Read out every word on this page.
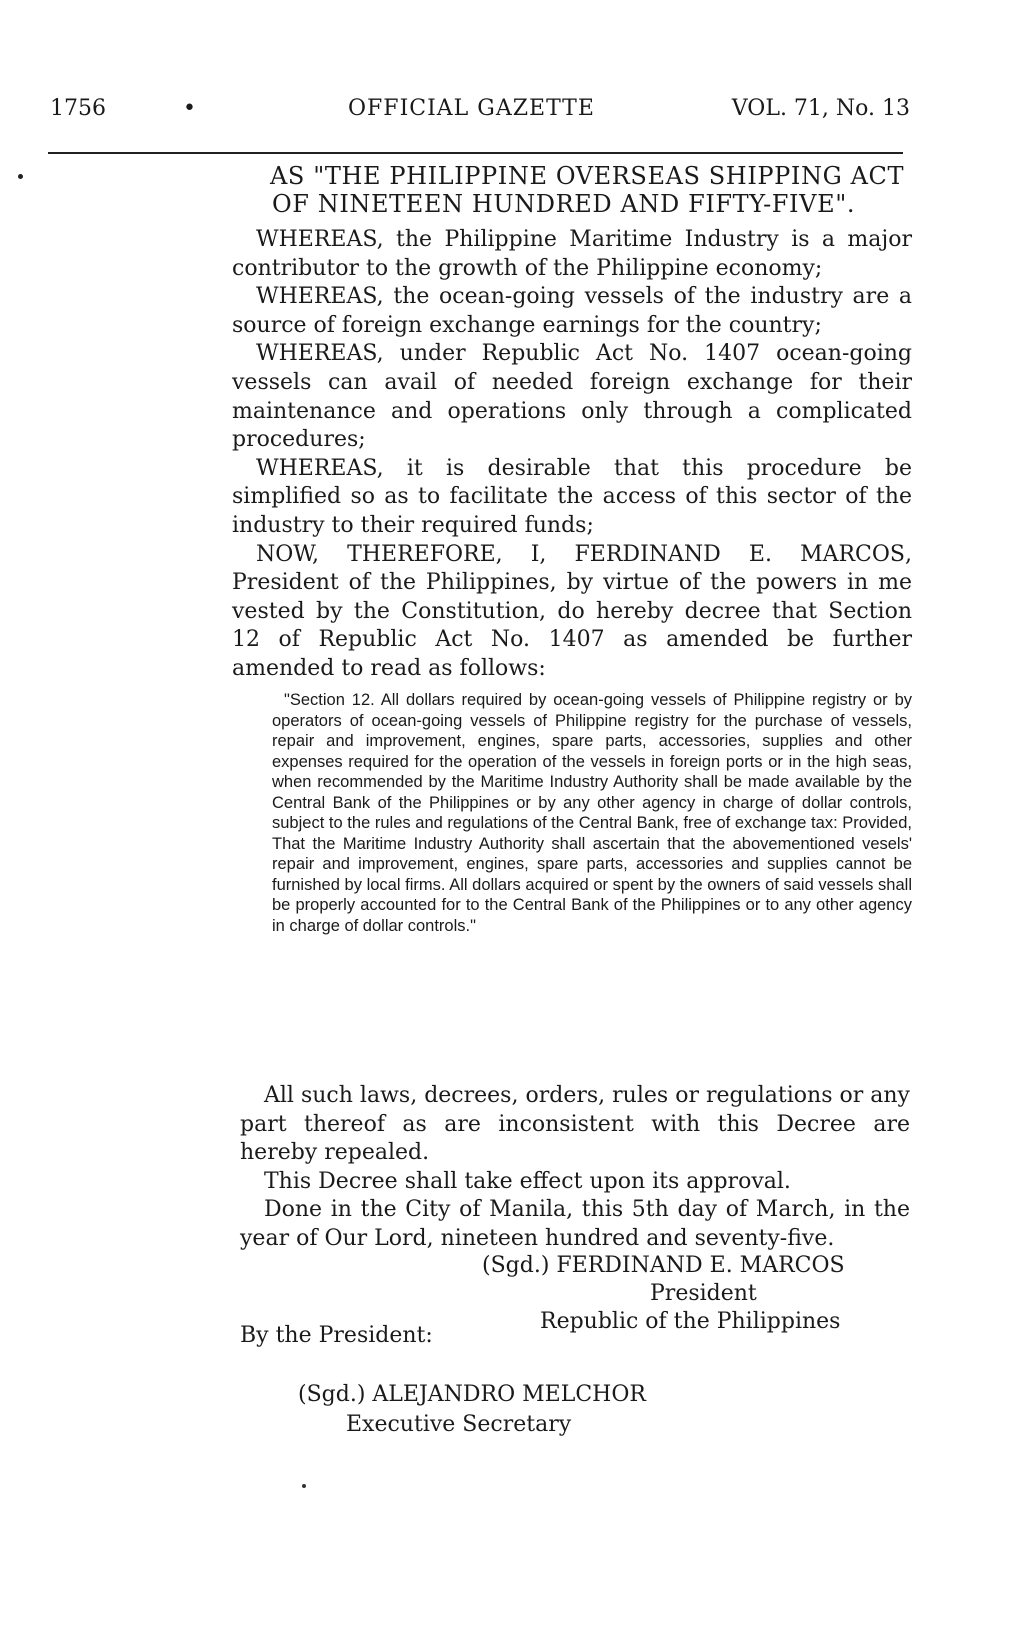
1756	•	OFFICIAL GAZETTE	VOL. 71, No. 13
AS "THE PHILIPPINE OVERSEAS SHIPPING ACT
OF NINETEEN HUNDRED AND FIFTY-FIVE".

WHEREAS, the Philippine Maritime Industry is a major contributor to the growth of the Philippine economy;

WHEREAS, the ocean-going vessels of the industry are a source of foreign exchange earnings for the country;

WHEREAS, under Republic Act No. 1407 ocean-going vessels can avail of needed foreign exchange for their maintenance and operations only through a complicated procedures;

WHEREAS, it is desirable that this procedure be simplified so as to facilitate the access of this sector of the industry to their required funds;

NOW, THEREFORE, I, FERDINAND E. MARCOS, President of the Philippines, by virtue of the powers in me vested by the Constitution, do hereby decree that Section 12 of Republic Act No. 1407 as amended be further amended to read as follows:

"Section 12. All dollars required by ocean-going vessels of Philippine registry or by operators of ocean-going vessels of Philippine registry for the purchase of vessels, repair and improvement, engines, spare parts, accessories, supplies and other expenses required for the operation of the vessels in foreign ports or in the high seas, when recommended by the Maritime Industry Authority shall be made available by the Central Bank of the Philippines or by any other agency in charge of dollar controls, subject to the rules and regulations of the Central Bank, free of exchange tax: Provided, That the Maritime Industry Authority shall ascertain that the abovementioned vesels' repair and improvement, engines, spare parts, accessories and supplies cannot be furnished by local firms. All dollars acquired or spent by the owners of said vessels shall be properly accounted for to the Central Bank of the Philippines or to any other agency in charge of dollar controls."

All such laws, decrees, orders, rules or regulations or any part thereof as are inconsistent with this Decree are hereby repealed.

This Decree shall take effect upon its approval.

Done in the City of Manila, this 5th day of March, in the year of Our Lord, nineteen hundred and seventy-five.

(Sgd.) FERDINAND E. MARCOS
President
Republic of the Philippines
By the President:
(Sgd.) ALEJANDRO MELCHOR
Executive Secretary
